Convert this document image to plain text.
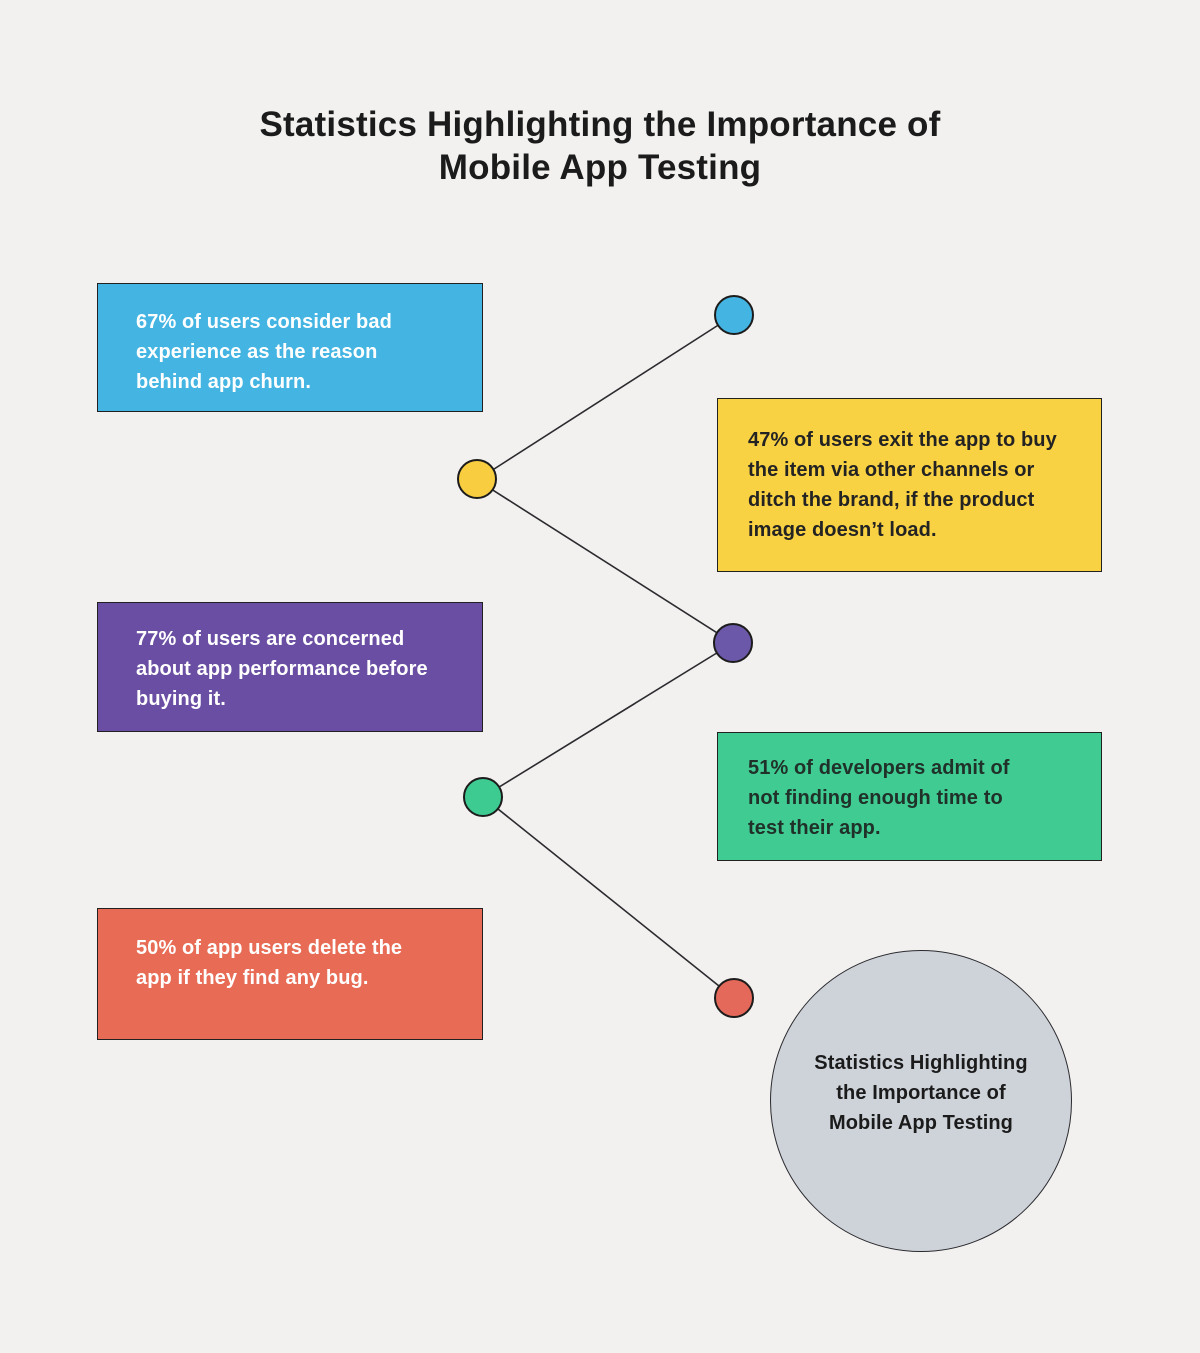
Statistics Highlighting the Importance of Mobile App Testing
67% of users consider bad experience as the reason behind app churn.
47% of users exit the app to buy the item via other channels or ditch the brand, if the product image doesn’t load.
77% of users are concerned about app performance before buying it.
51% of developers admit of not finding enough time to test their app.
50% of app users delete the app if they find any bug.
Statistics Highlighting the Importance of Mobile App Testing
